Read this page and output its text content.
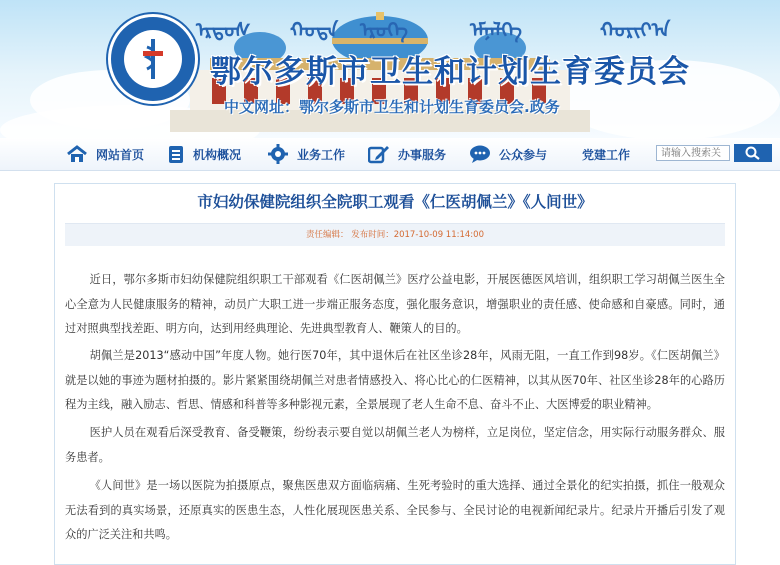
ᠡᠷᠳᠣᠰ ᠬᠣᠲᠠ ᠡᠷᠦᠭᠡ	ᠡᠮᠨᠡᠯᠭᠡ	ᠬᠣᠷᠢᠶ᠎ᠠ
鄂尔多斯市卫生和计划生育委员会
中文网址：鄂尔多斯市卫生和计划生育委员会.政务
网站首页	机构概况	业务工作	办事服务	公众参与	党建工作
请输入搜索关
市妇幼保健院组织全院职工观看《仁医胡佩兰》《人间世》
责任编辑： 发布时间：2017-10-09 11:14:00

近日，鄂尔多斯市妇幼保健院组织职工干部观看《仁医胡佩兰》医疗公益电影，开展医德医风培训，组织职工学习胡佩兰医生全心全意为人民健康服务的精神，动员广大职工进一步端正服务态度，强化服务意识，增强职业的责任感、使命感和自豪感。同时，通过对照典型找差距、明方向，达到用经典理论、先进典型教育人、鞭策人的目的。

胡佩兰是2013“感动中国”年度人物。她行医70年，其中退休后在社区坐诊28年，风雨无阻，一直工作到98岁。《仁医胡佩兰》就是以她的事迹为题材拍摄的。影片紧紧围绕胡佩兰对患者情感投入、将心比心的仁医精神，以其从医70年、社区坐诊28年的心路历程为主线，融入励志、哲思、情感和科普等多种影视元素，全景展现了老人生命不息、奋斗不止、大医博爱的职业精神。

医护人员在观看后深受教育、备受鞭策，纷纷表示要自觉以胡佩兰老人为榜样，立足岗位，坚定信念，用实际行动服务群众、服务患者。

《人间世》是一场以医院为拍摄原点，聚焦医患双方面临病痛、生死考验时的重大选择、通过全景化的纪实拍摄，抓住一般观众无法看到的真实场景，还原真实的医患生态，人性化展现医患关系、全民参与、全民讨论的电视新闻纪录片。纪录片开播后引发了观众的广泛关注和共鸣。
